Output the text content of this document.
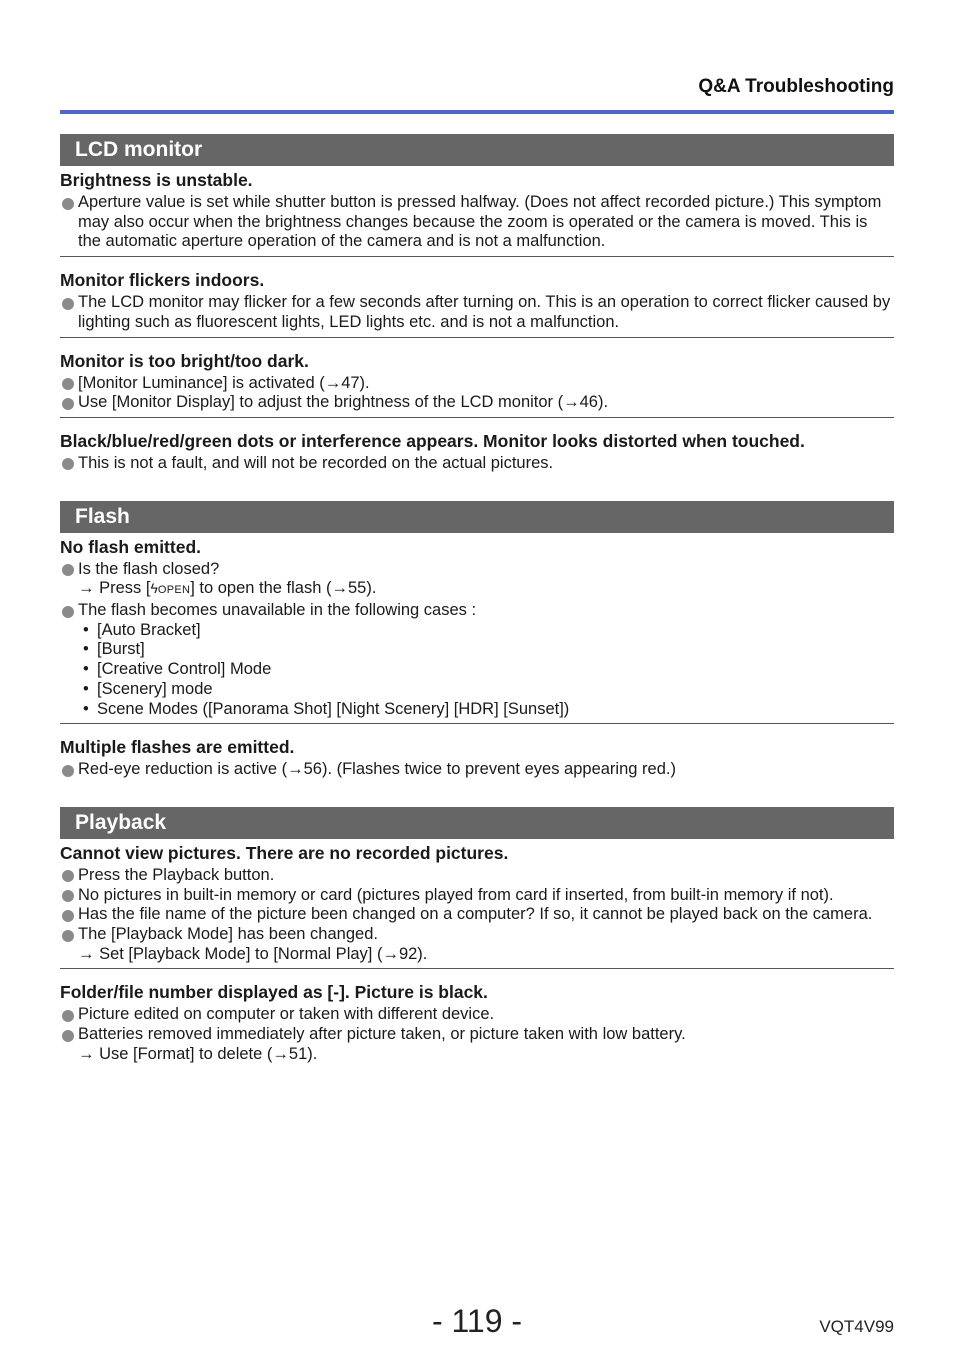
Q&A Troubleshooting
LCD monitor
Brightness is unstable.
Aperture value is set while shutter button is pressed halfway. (Does not affect recorded picture.) This symptom may also occur when the brightness changes because the zoom is operated or the camera is moved. This is the automatic aperture operation of the camera and is not a malfunction.
Monitor flickers indoors.
The LCD monitor may flicker for a few seconds after turning on. This is an operation to correct flicker caused by lighting such as fluorescent lights, LED lights etc. and is not a malfunction.
Monitor is too bright/too dark.
[Monitor Luminance] is activated (→47).
Use [Monitor Display] to adjust the brightness of the LCD monitor (→46).
Black/blue/red/green dots or interference appears. Monitor looks distorted when touched.
This is not a fault, and will not be recorded on the actual pictures.
Flash
No flash emitted.
Is the flash closed?
→ Press [ϟOPEN] to open the flash (→55).
The flash becomes unavailable in the following cases :
• [Auto Bracket]
• [Burst]
• [Creative Control] Mode
• [Scenery] mode
• Scene Modes ([Panorama Shot] [Night Scenery] [HDR] [Sunset])
Multiple flashes are emitted.
Red-eye reduction is active (→56). (Flashes twice to prevent eyes appearing red.)
Playback
Cannot view pictures. There are no recorded pictures.
Press the Playback button.
No pictures in built-in memory or card (pictures played from card if inserted, from built-in memory if not).
Has the file name of the picture been changed on a computer? If so, it cannot be played back on the camera.
The [Playback Mode] has been changed.
→ Set [Playback Mode] to [Normal Play] (→92).
Folder/file number displayed as [-]. Picture is black.
Picture edited on computer or taken with different device.
Batteries removed immediately after picture taken, or picture taken with low battery.
→ Use [Format] to delete (→51).
- 119 -	VQT4V99
